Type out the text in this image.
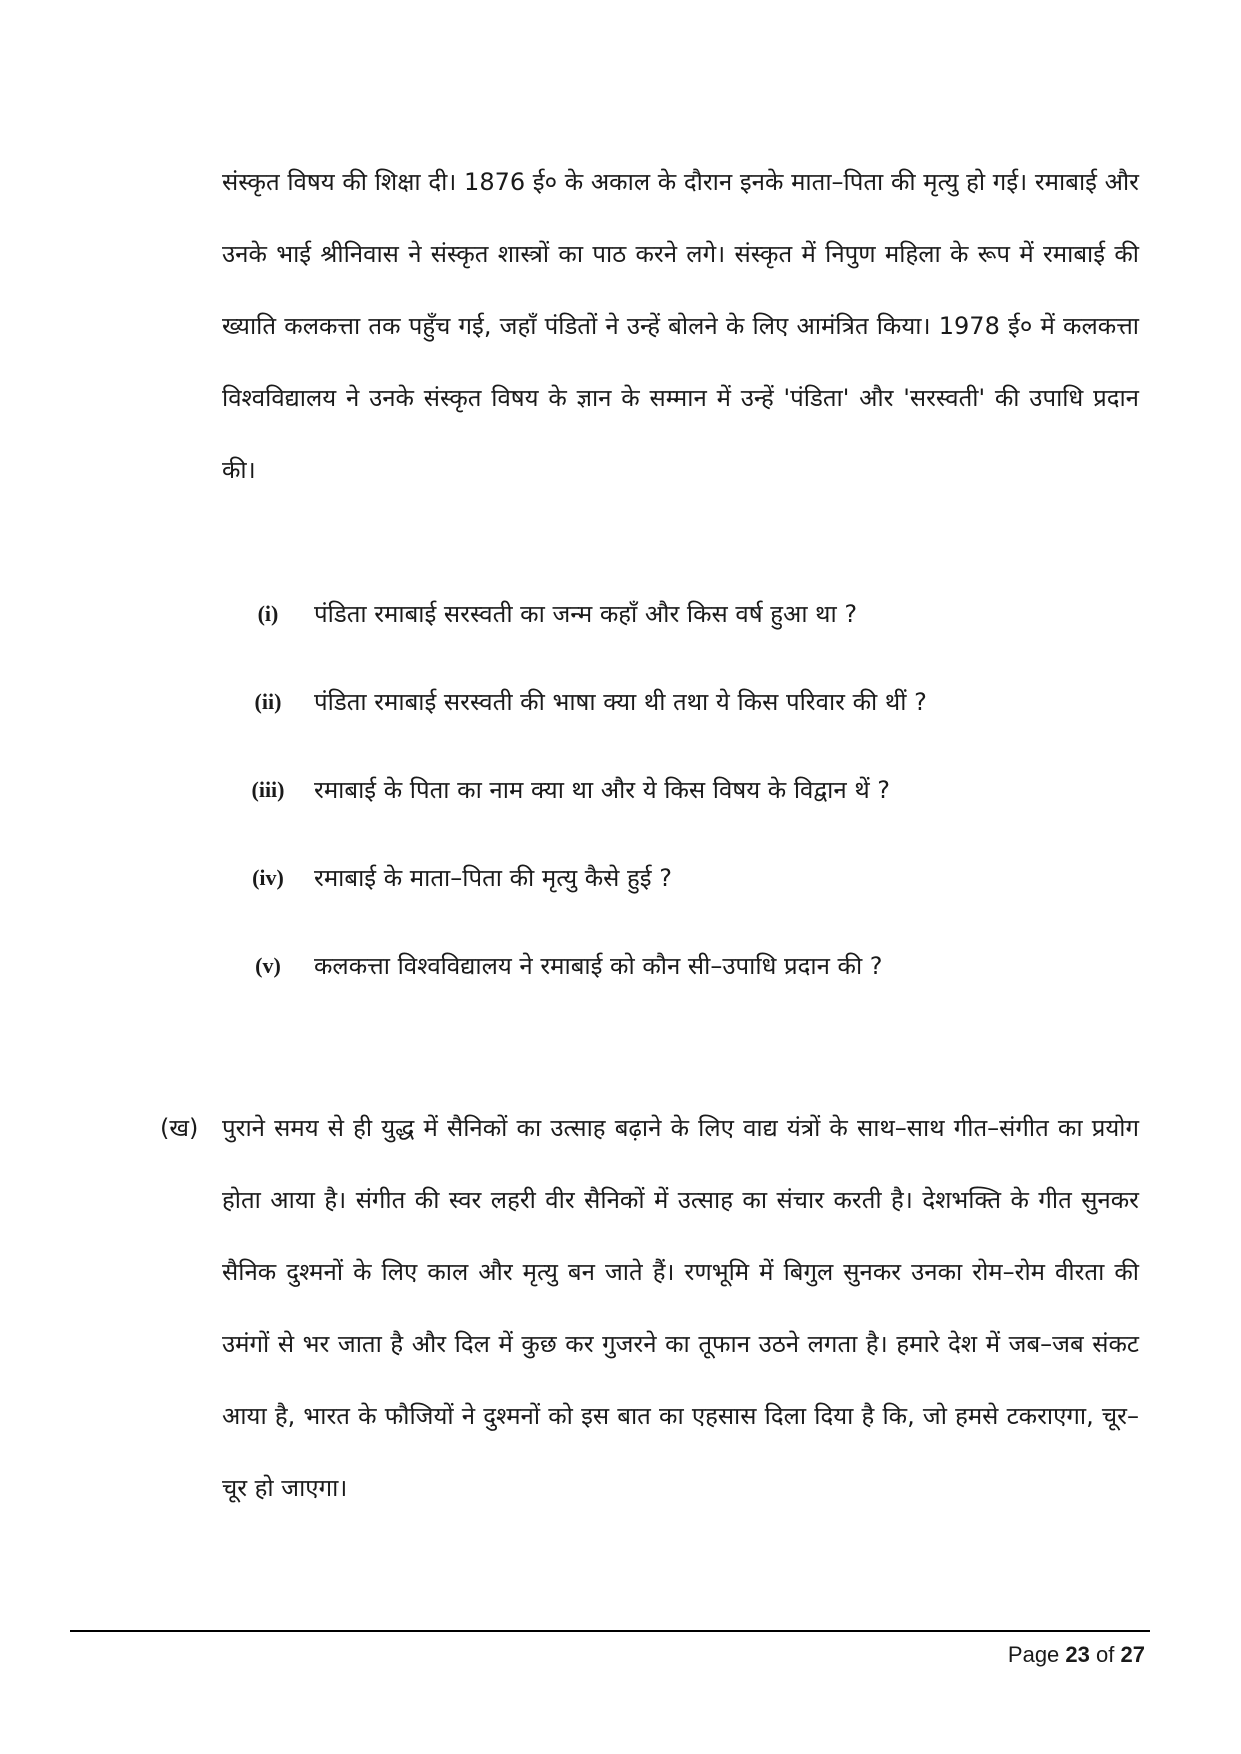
संस्कृत विषय की शिक्षा दी। 1876 ई० के अकाल के दौरान इनके माता–पिता की मृत्यु हो गई। रमाबाई और उनके भाई श्रीनिवास ने संस्कृत शास्त्रों का पाठ करने लगे। संस्कृत में निपुण महिला के रूप में रमाबाई की ख्याति कलकत्ता तक पहुँच गई, जहाँ पंडितों ने उन्हें बोलने के लिए आमंत्रित किया। 1978 ई० में कलकत्ता विश्वविद्यालय ने उनके संस्कृत विषय के ज्ञान के सम्मान में उन्हें 'पंडिता' और 'सरस्वती' की उपाधि प्रदान की।

(i)	पंडिता रमाबाई सरस्वती का जन्म कहाँ और किस वर्ष हुआ था ?
(ii)	पंडिता रमाबाई सरस्वती की भाषा क्या थी तथा ये किस परिवार की थीं ?
(iii)	रमाबाई के पिता का नाम क्या था और ये किस विषय के विद्वान थें ?
(iv)	रमाबाई के माता–पिता की मृत्यु कैसे हुई ?
(v)	कलकत्ता विश्वविद्यालय ने रमाबाई को कौन सी–उपाधि प्रदान की ?
(ख) पुराने समय से ही युद्ध में सैनिकों का उत्साह बढ़ाने के लिए वाद्य यंत्रों के साथ–साथ गीत–संगीत का प्रयोग होता आया है। संगीत की स्वर लहरी वीर सैनिकों में उत्साह का संचार करती है। देशभक्ति के गीत सुनकर सैनिक दुश्मनों के लिए काल और मृत्यु बन जाते हैं। रणभूमि में बिगुल सुनकर उनका रोम–रोम वीरता की उमंगों से भर जाता है और दिल में कुछ कर गुजरने का तूफान उठने लगता है। हमारे देश में जब–जब संकट आया है, भारत के फौजियों ने दुश्मनों को इस बात का एहसास दिला दिया है कि, जो हमसे टकराएगा, चूर–चूर हो जाएगा।

Page 23 of 27
